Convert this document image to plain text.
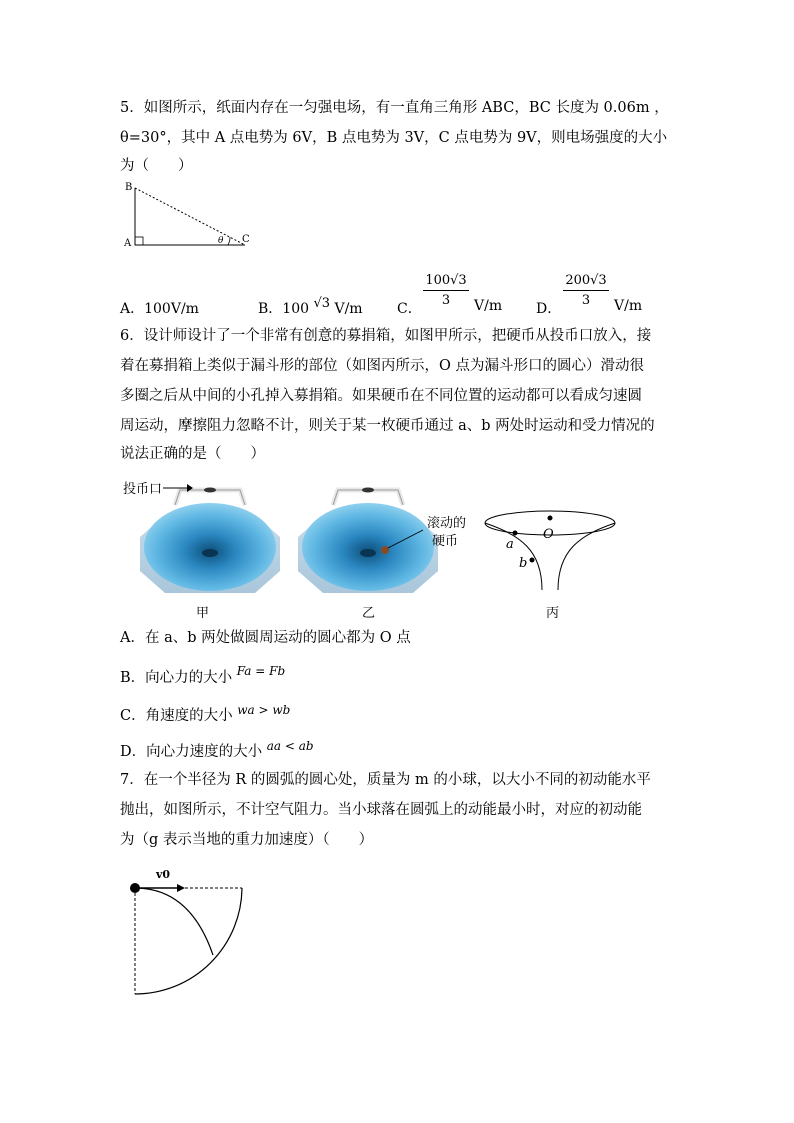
5．如图所示，纸面内存在一匀强电场，有一直角三角形 ABC，BC 长度为 0.06m ，
θ=30°，其中 A 点电势为 6V，B 点电势为 3V，C 点电势为 9V，则电场强度的大小
为（　　）
B
A	C
θ
A．100V/m	B．100 √3 V/m C．
100√3
3	V/m D．
200√3
3	V/m
6．设计师设计了一个非常有创意的募捐箱，如图甲所示，把硬币从投币口放入，接
着在募捐箱上类似于漏斗形的部位（如图丙所示，O 点为漏斗形口的圆心）滑动很
多圈之后从中间的小孔掉入募捐箱。如果硬币在不同位置的运动都可以看成匀速圆
周运动，摩擦阻力忽略不计，则关于某一枚硬币通过 a、b 两处时运动和受力情况的
说法正确的是（　　）
投币口
滚动的
硬币	O
a
b
甲	乙	丙
A．在 a、b 两处做圆周运动的圆心都为 O 点
B．向心力的大小 $^{Fa = Fb}$
C．角速度的大小 $^{wa > wb}$
D．向心力速度的大小 $^{aa < ab}$
7．在一个半径为 R 的圆弧的圆心处，质量为 m 的小球，以大小不同的初动能水平
抛出，如图所示，不计空气阻力。当小球落在圆弧上的动能最小时，对应的初动能
为（g 表示当地的重力加速度）（　　）
v0
